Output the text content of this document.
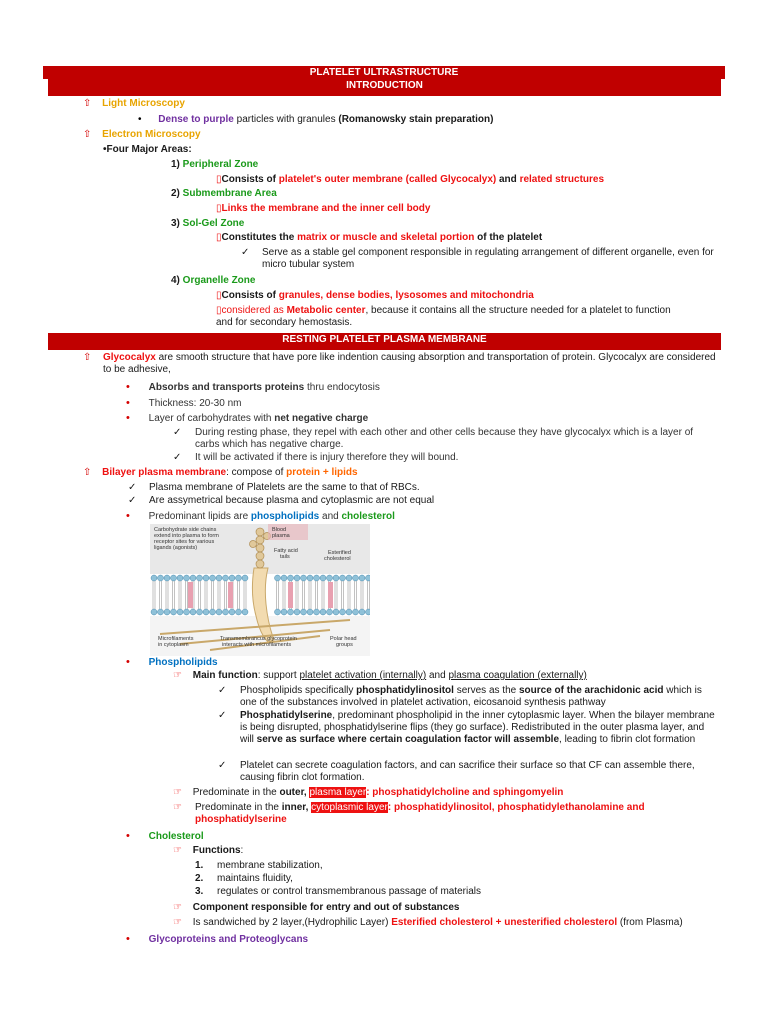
PLATELET ULTRASTRUCTURE
INTRODUCTION
⇧ Light Microscopy
• Dense to purple particles with granules (Romanowsky stain preparation)
⇧ Electron Microscopy
•Four Major Areas:
1) Peripheral Zone
▯Consists of platelet's outer membrane (called Glycocalyx) and related structures
2) Submembrane Area
▯Links the membrane and the inner cell body
3) Sol-Gel Zone
▯Constitutes the matrix or muscle and skeletal portion of the platelet
✓ Serve as a stable gel component responsible in regulating arrangement of different organelle, even for micro tubular system
4) Organelle Zone
▯Consists of granules, dense bodies, lysosomes and mitochondria
▯considered as Metabolic center, because it contains all the structure needed for a platelet to function and for secondary hemostasis.
RESTING PLATELET PLASMA MEMBRANE
⇧ Glycocalyx are smooth structure that have pore like indention causing absorption and transportation of protein. Glycocalyx are considered to be adhesive,
• Absorbs and transports proteins thru endocytosis
• Thickness: 20-30 nm
• Layer of carbohydrates with net negative charge
✓ During resting phase, they repel with each other and other cells because they have glycocalyx which is a layer of carbs which has negative charge.
✓ It will be activated if there is injury therefore they will bound.
⇧ Bilayer plasma membrane: compose of protein + lipids
✓ Plasma membrane of Platelets are the same to that of RBCs.
✓ Are assymetrical because plasma and cytoplasmic are not equal
• Predominant lipids are phospholipids and cholesterol
Carbohydrate side chains extend into plasma to form receptor sites for various ligands (agonists)
Blood plasma
Fatty acid tails
Esterified cholesterol
Microfilaments in cytoplasm
Transmembrancus glycoprotein interacts with microfilaments
Polar head groups
• Phospholipids
☞ Main function: support platelet activation (internally) and plasma coagulation (externally)
✓ Phospholipids specifically phosphatidylinositol serves as the source of the arachidonic acid which is one of the substances involved in platelet activation, eicosanoid synthesis pathway
✓ Phosphatidylserine, predominant phospholipid in the inner cytoplasmic layer. When the bilayer membrane is being disrupted, phosphatidylserine flips (they go surface). Redistributed in the outer plasma layer, and will serve as surface where certain coagulation factor will assemble, leading to fibrin clot formation
✓ Platelet can secrete coagulation factors, and can sacrifice their surface so that CF can assemble there, causing fibrin clot formation.
☞ Predominate in the outer, plasma layer: phosphatidylcholine and sphingomyelin
☞ Predominate in the inner, cytoplasmic layer: phosphatidylinositol, phosphatidylethanolamine and phosphatidylserine
• Cholesterol
☞ Functions:
1. membrane stabilization,
2. maintains fluidity,
3. regulates or control transmembranous passage of materials
☞ Component responsible for entry and out of substances
☞ Is sandwiched by 2 layer,(Hydrophilic Layer) Esterified cholesterol + unesterified cholesterol (from Plasma)
• Glycoproteins and Proteoglycans
